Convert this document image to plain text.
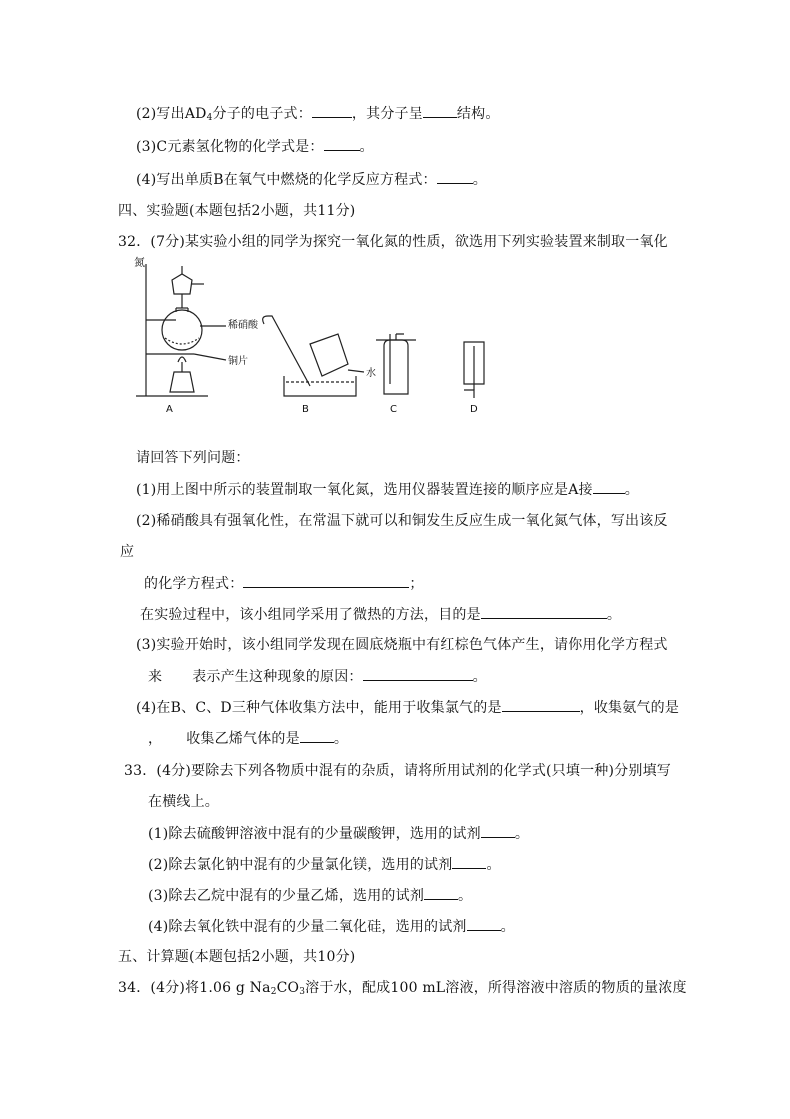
(2)写出$AD_4$分子的电子式：	，其分子呈 结构。
(3)C元素氢化物的化学式是：	。
(4)写出单质B在氧气中燃烧的化学反应方程式：	。
四、实验题(本题包括2小题，共11分)
32．(7分)某实验小组的同学为探究一氧化氮的性质，欲选用下列实验装置来制取一氧化
氮
稀硝酸
铜片
水
A	B	C	D
请回答下列问题：
(1)用上图中所示的装置制取一氧化氮，选用仪器装置连接的顺序应是A接 。
(2)稀硝酸具有强氧化性，在常温下就可以和铜发生反应生成一氧化氮气体，写出该反
应
的化学方程式：	；
在实验过程中，该小组同学采用了微热的方法，目的是	。
(3)实验开始时，该小组同学发现在圆底烧瓶中有红棕色气体产生，请你用化学方程式
来 表示产生这种现象的原因：	。
(4)在B、C、D三种气体收集方法中，能用于收集氯气的是	，收集氨气的是
， 收集乙烯气体的是 。
33．(4分)要除去下列各物质中混有的杂质，请将所用试剂的化学式(只填一种)分别填写
在横线上。
(1)除去硫酸钾溶液中混有的少量碳酸钾，选用的试剂 。
(2)除去氯化钠中混有的少量氯化镁，选用的试剂 。
(3)除去乙烷中混有的少量乙烯，选用的试剂 。
(4)除去氧化铁中混有的少量二氧化硅，选用的试剂 。
五、计算题(本题包括2小题，共10分)
34．(4分)将1.06 g $Na_2CO_3$溶于水，配成100 mL溶液，所得溶液中溶质的物质的量浓度
